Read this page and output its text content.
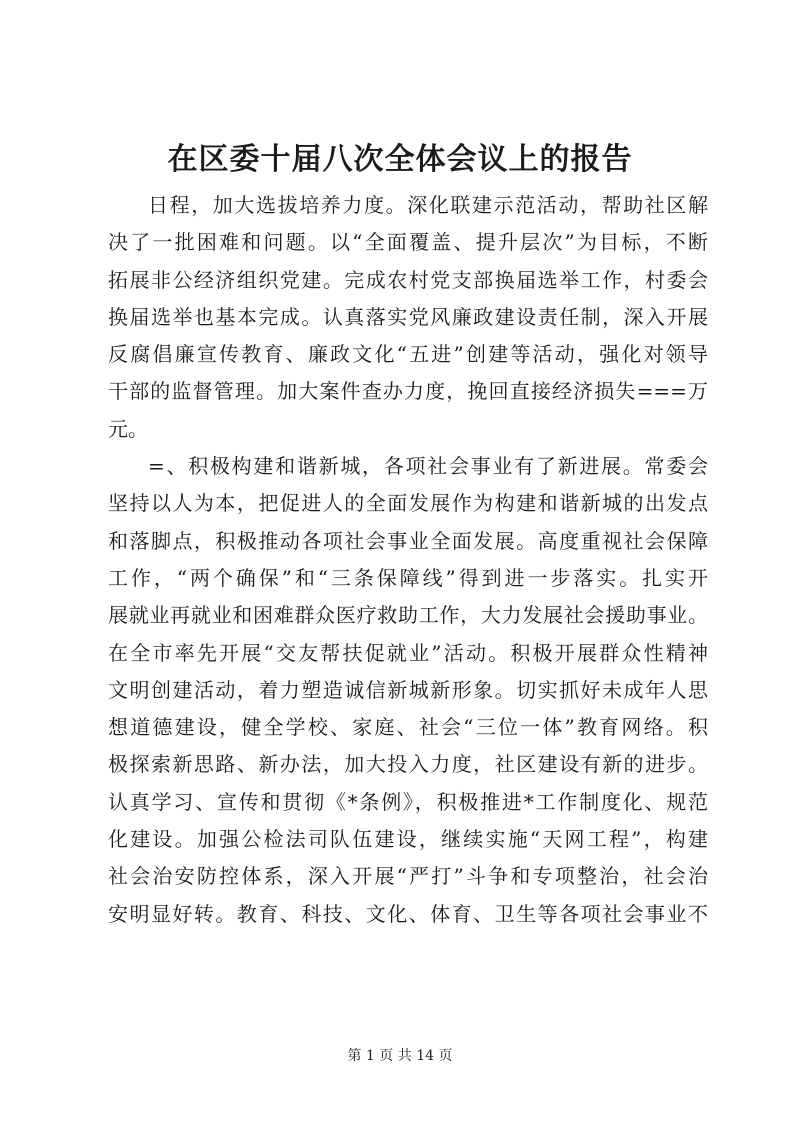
在区委十届八次全体会议上的报告
日程，加大选拔培养力度。深化联建示范活动，帮助社区解
决了一批困难和问题。以“全面覆盖、提升层次”为目标，不断
拓展非公经济组织党建。完成农村党支部换届选举工作，村委会
换届选举也基本完成。认真落实党风廉政建设责任制，深入开展
反腐倡廉宣传教育、廉政文化“五进”创建等活动，强化对领导
干部的监督管理。加大案件查办力度，挽回直接经济损失===万
元。
=、积极构建和谐新城，各项社会事业有了新进展。常委会
坚持以人为本，把促进人的全面发展作为构建和谐新城的出发点
和落脚点，积极推动各项社会事业全面发展。高度重视社会保障
工作，“两个确保”和“三条保障线”得到进一步落实。扎实开
展就业再就业和困难群众医疗救助工作，大力发展社会援助事业。
在全市率先开展“交友帮扶促就业”活动。积极开展群众性精神
文明创建活动，着力塑造诚信新城新形象。切实抓好未成年人思
想道德建设，健全学校、家庭、社会“三位一体”教育网络。积
极探索新思路、新办法，加大投入力度，社区建设有新的进步。
认真学习、宣传和贯彻《*条例》，积极推进*工作制度化、规范
化建设。加强公检法司队伍建设，继续实施“天网工程”，构建
社会治安防控体系，深入开展“严打”斗争和专项整治，社会治
安明显好转。教育、科技、文化、体育、卫生等各项社会事业不
第 1 页 共 14 页
